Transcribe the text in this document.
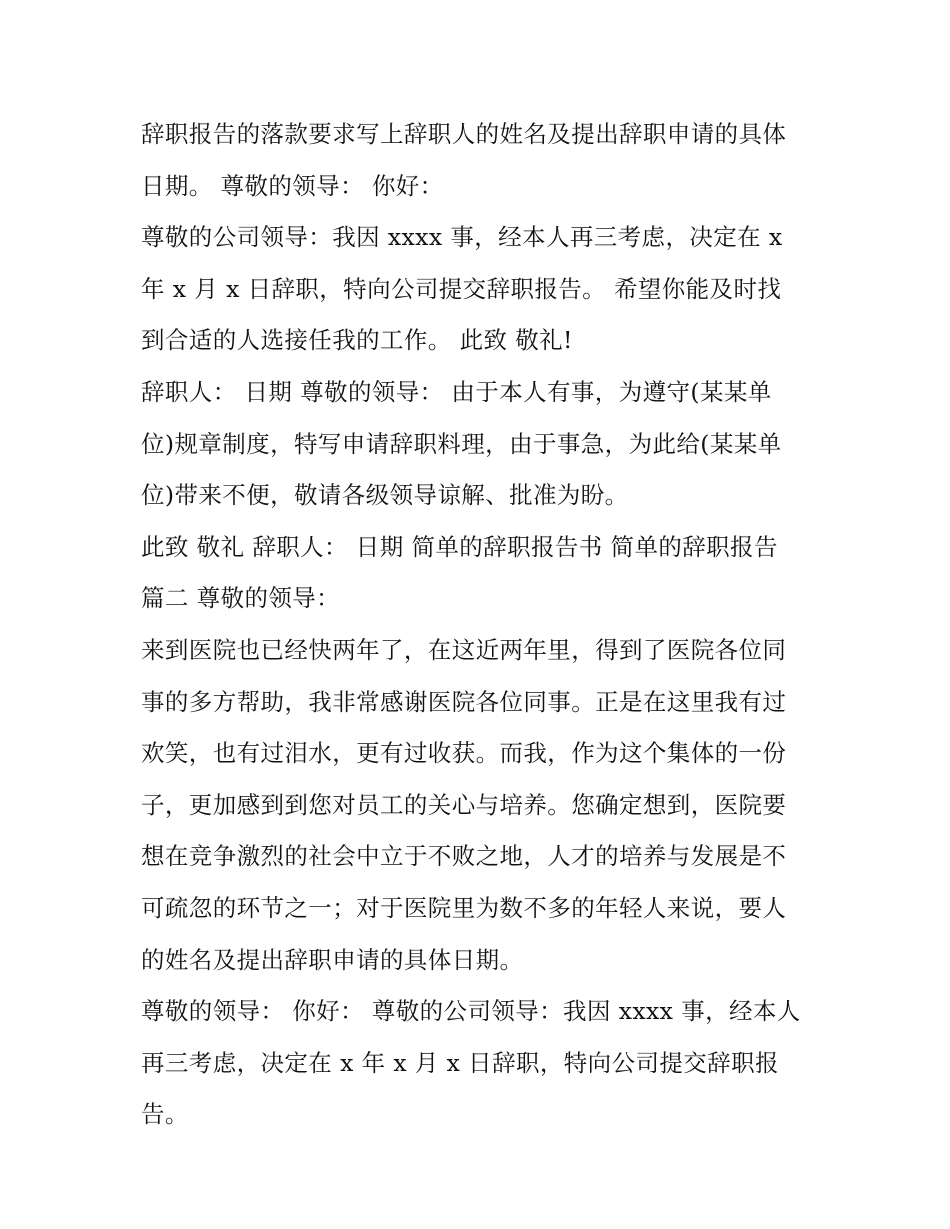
辞职报告的落款要求写上辞职人的姓名及提出辞职申请的具体
日期。 尊敬的领导： 你好：
尊敬的公司领导：我因 xxxx 事，经本人再三考虑，决定在 x
年 x 月 x 日辞职，特向公司提交辞职报告。 希望你能及时找
到合适的人选接任我的工作。 此致 敬礼!
辞职人： 日期 尊敬的领导： 由于本人有事，为遵守(某某单
位)规章制度，特写申请辞职料理，由于事急，为此给(某某单
位)带来不便，敬请各级领导谅解、批准为盼。
此致 敬礼 辞职人： 日期 简单的辞职报告书 简单的辞职报告
篇二 尊敬的领导：
来到医院也已经快两年了，在这近两年里，得到了医院各位同
事的多方帮助，我非常感谢医院各位同事。正是在这里我有过
欢笑，也有过泪水，更有过收获。而我，作为这个集体的一份
子，更加感到到您对员工的关心与培养。您确定想到，医院要
想在竞争激烈的社会中立于不败之地，人才的培养与发展是不
可疏忽的环节之一；对于医院里为数不多的年轻人来说，要人
的姓名及提出辞职申请的具体日期。
尊敬的领导： 你好： 尊敬的公司领导：我因 xxxx 事，经本人
再三考虑，决定在 x 年 x 月 x 日辞职，特向公司提交辞职报
告。
